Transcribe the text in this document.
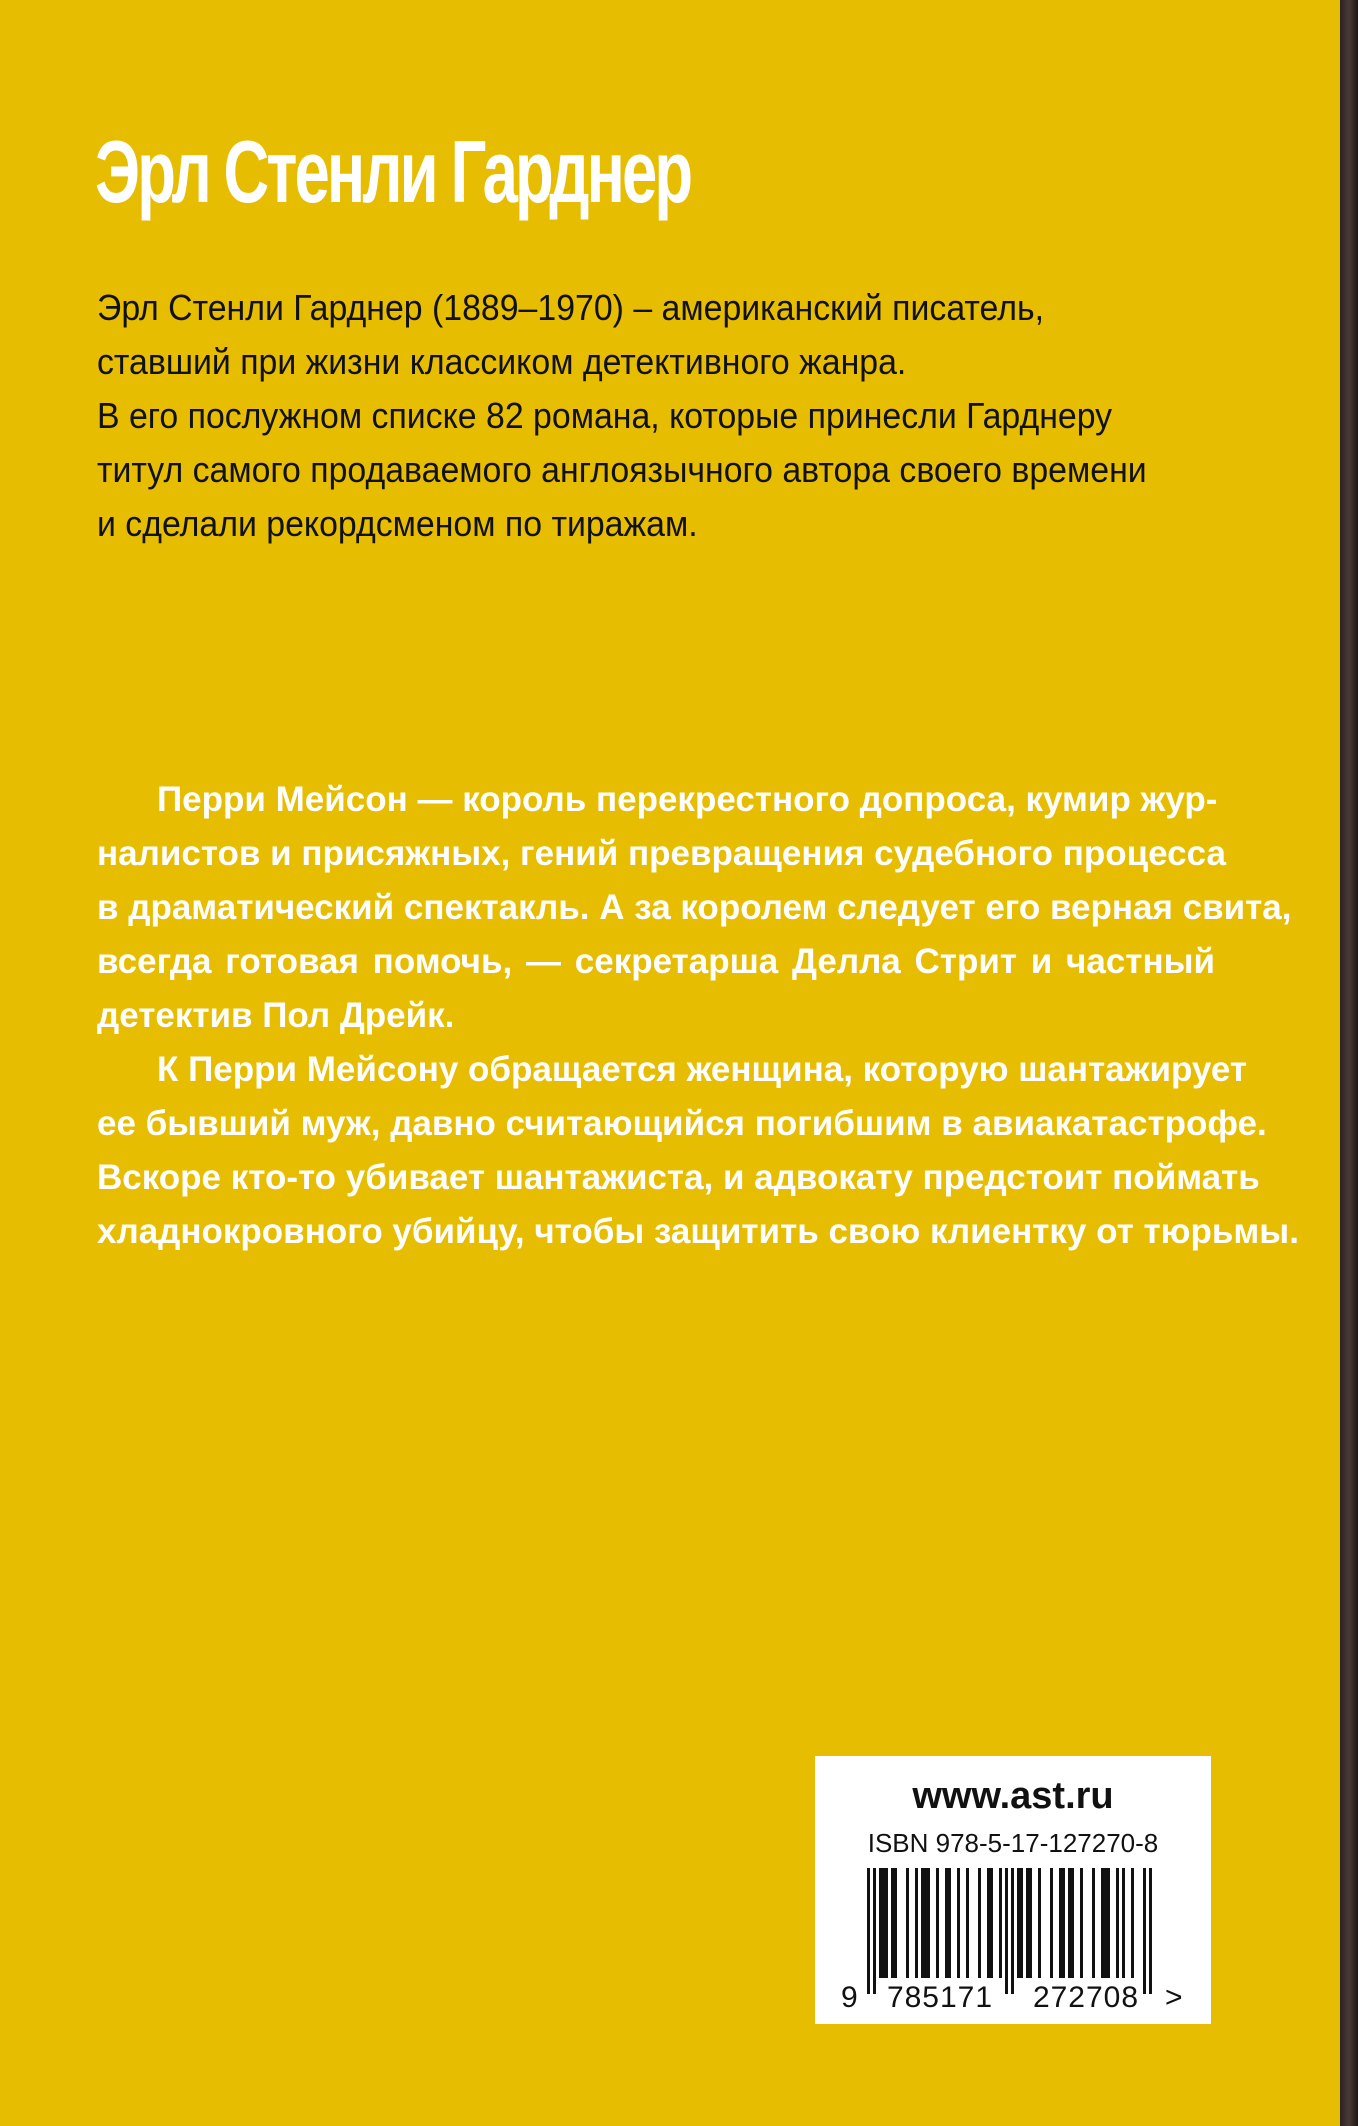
Эрл Стенли Гарднер
Эрл Стенли Гарднер (1889–1970) – американский писатель,
ставший при жизни классиком детективного жанра.
В его послужном списке 82 романа, которые принесли Гарднеру
титул самого продаваемого англоязычного автора своего времени
и сделали рекордсменом по тиражам.
Перри Мейсон — король перекрестного допроса, кумир жур-
налистов и присяжных, гений превращения судебного процесса
в драматический спектакль. А за королем следует его верная свита,
всегда готовая помочь, — секретарша Делла Стрит и частный
детектив Пол Дрейк.
К Перри Мейсону обращается женщина, которую шантажирует
ее бывший муж, давно считающийся погибшим в авиакатастрофе.
Вскоре кто-то убивает шантажиста, и адвокату предстоит поймать
хладнокровного убийцу, чтобы защитить свою клиентку от тюрьмы.

www.ast.ru

ISBN 978-5-17-127270-8

9 785171	272708 >
